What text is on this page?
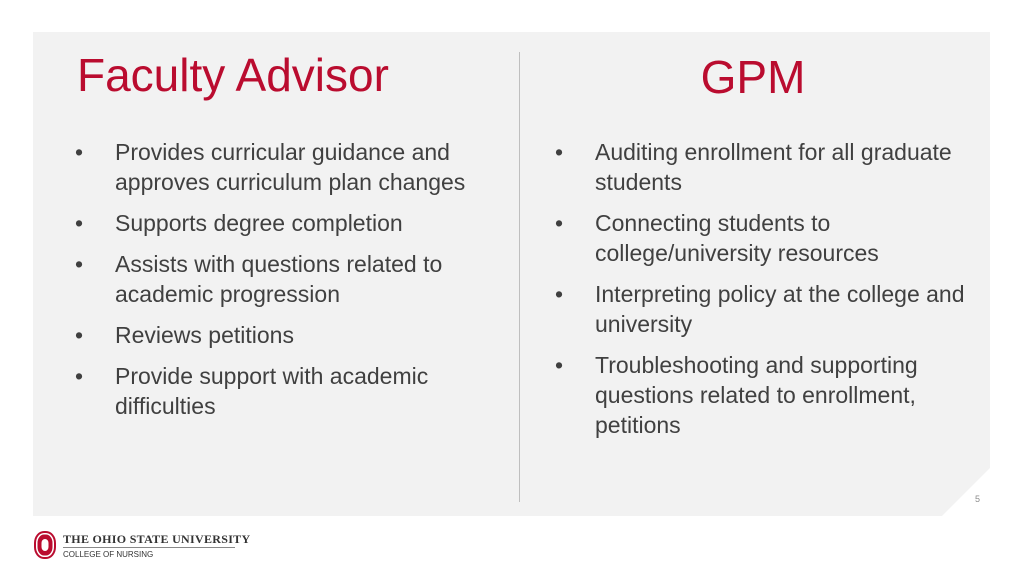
Faculty Advisor	GPM
• Provides curricular guidance and approves curriculum plan changes
• Supports degree completion
• Assists with questions related to academic progression
• Reviews petitions
• Provide support with academic difficulties
• Auditing enrollment for all graduate students
• Connecting students to college/university resources
• Interpreting policy at the college and university
• Troubleshooting and supporting questions related to enrollment, petitions
5
THE OHIO STATE UNIVERSITY
COLLEGE OF NURSING
